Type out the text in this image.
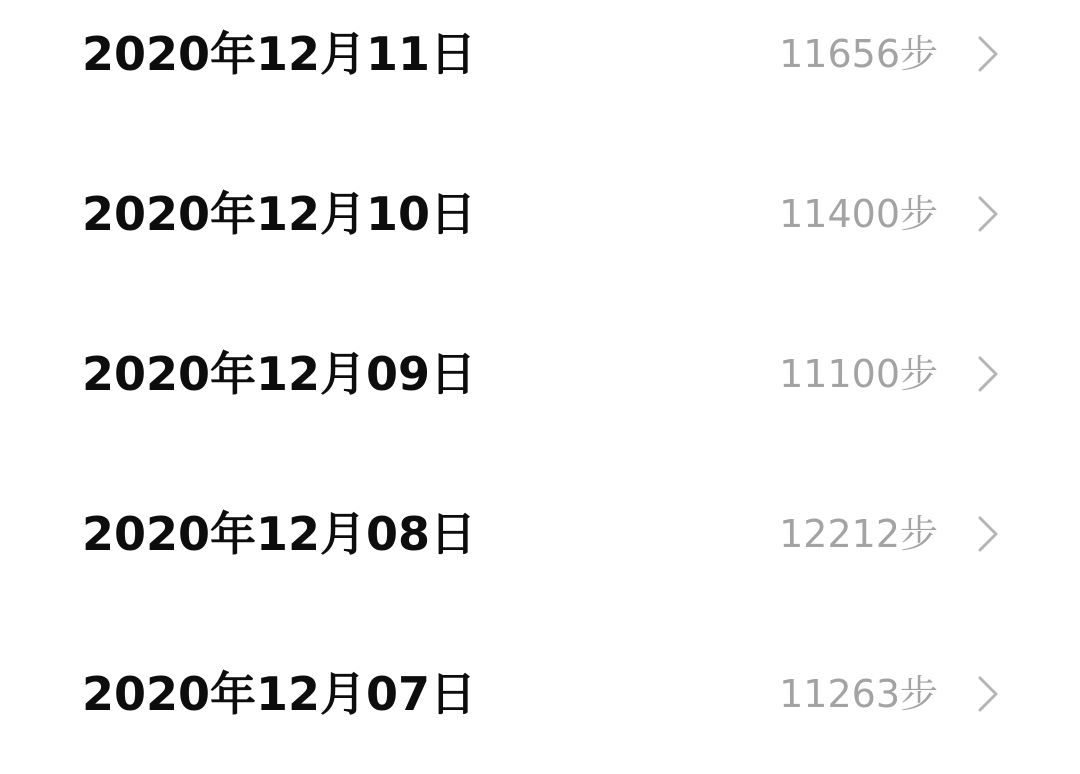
2020年12月11日	11656步
2020年12月10日	11400步
2020年12月09日	11100步
2020年12月08日	12212步
2020年12月07日	11263步
